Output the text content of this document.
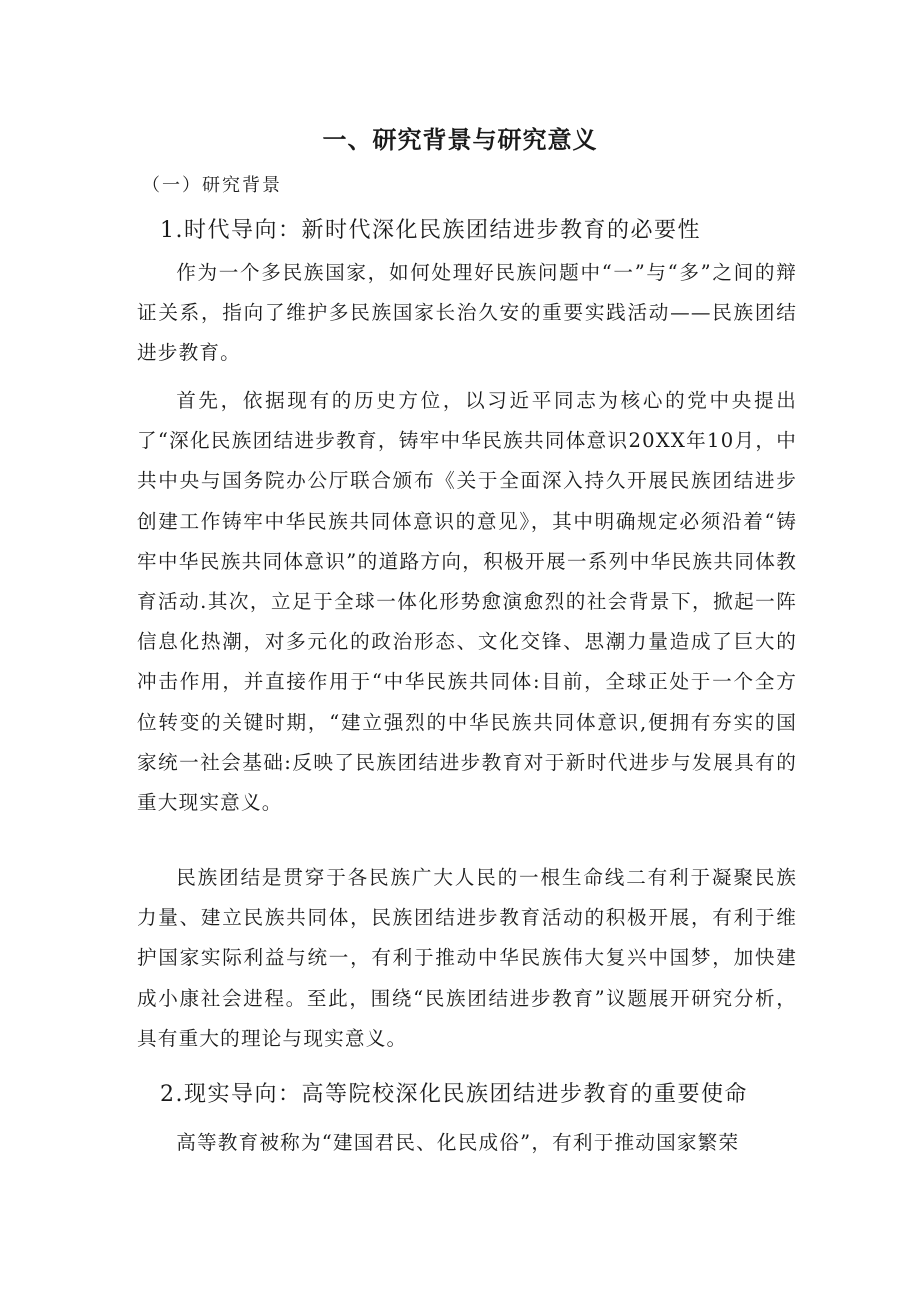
一、研究背景与研究意义
（一）研究背景
1.时代导向：新时代深化民族团结进步教育的必要性

作为一个多民族国家，如何处理好民族问题中“一”与“多”之间的辩证关系，指向了维护多民族国家长治久安的重要实践活动——民族团结进步教育。

首先，依据现有的历史方位，以习近平同志为核心的党中央提出了“深化民族团结进步教育，铸牢中华民族共同体意识20XX年10月，中共中央与国务院办公厅联合颁布《关于全面深入持久开展民族团结进步创建工作铸牢中华民族共同体意识的意见》，其中明确规定必须沿着“铸牢中华民族共同体意识”的道路方向，积极开展一系列中华民族共同体教育活动.其次，立足于全球一体化形势愈演愈烈的社会背景下，掀起一阵信息化热潮，对多元化的政治形态、文化交锋、思潮力量造成了巨大的冲击作用，并直接作用于“中华民族共同体:目前，全球正处于一个全方位转变的关键时期，“建立强烈的中华民族共同体意识,便拥有夯实的国家统一社会基础:反映了民族团结进步教育对于新时代进步与发展具有的重大现实意义。

民族团结是贯穿于各民族广大人民的一根生命线二有利于凝聚民族力量、建立民族共同体，民族团结进步教育活动的积极开展，有利于维护国家实际利益与统一，有利于推动中华民族伟大复兴中国梦，加快建成小康社会进程。至此，围绕“民族团结进步教育”议题展开研究分析，具有重大的理论与现实意义。

2.现实导向：高等院校深化民族团结进步教育的重要使命

高等教育被称为“建国君民、化民成俗”，有利于推动国家繁荣
